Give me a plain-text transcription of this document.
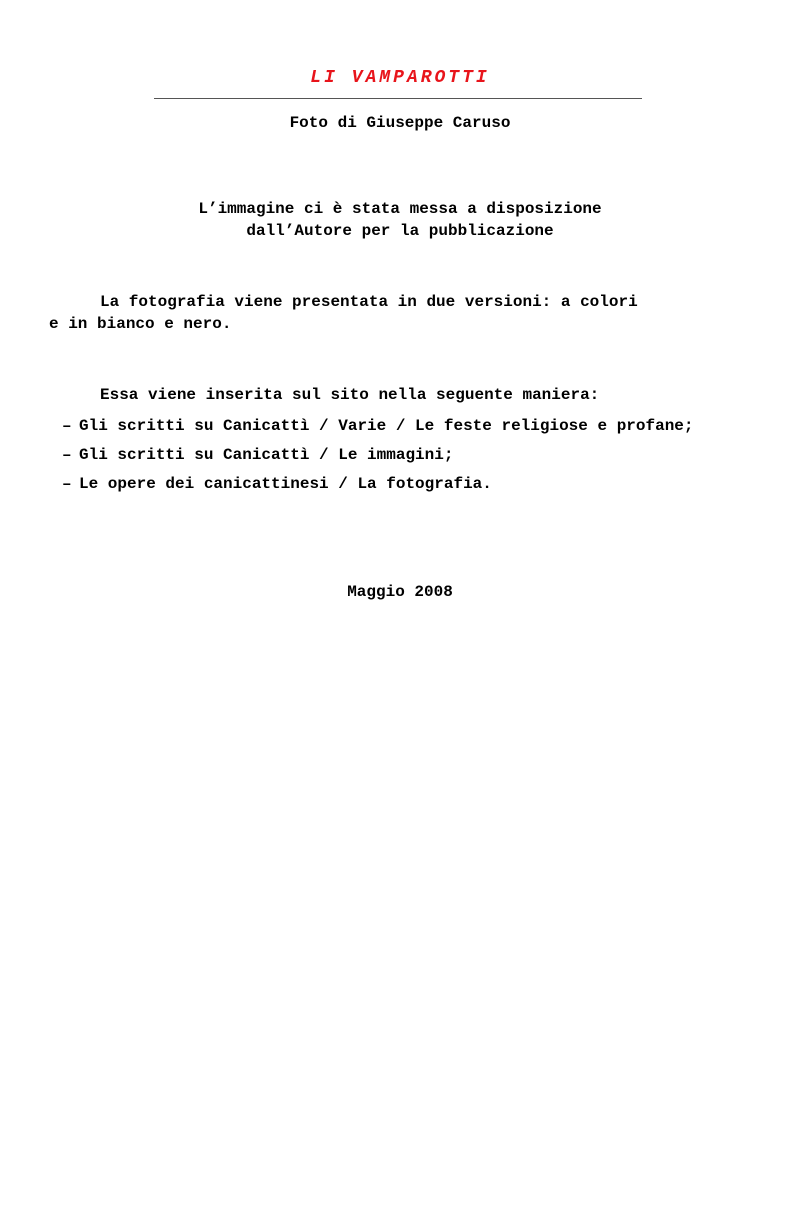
LI VAMPAROTTI
Foto di Giuseppe Caruso
L’immagine ci è stata messa a disposizione
dall’Autore per la pubblicazione
La fotografia viene presentata in due versioni: a colori
e in bianco e nero.
Essa viene inserita sul sito nella seguente maniera:
– Gli scritti su Canicattì / Varie / Le feste religiose e profane;
– Gli scritti su Canicattì / Le immagini;
– Le opere dei canicattinesi / La fotografia.
Maggio 2008
